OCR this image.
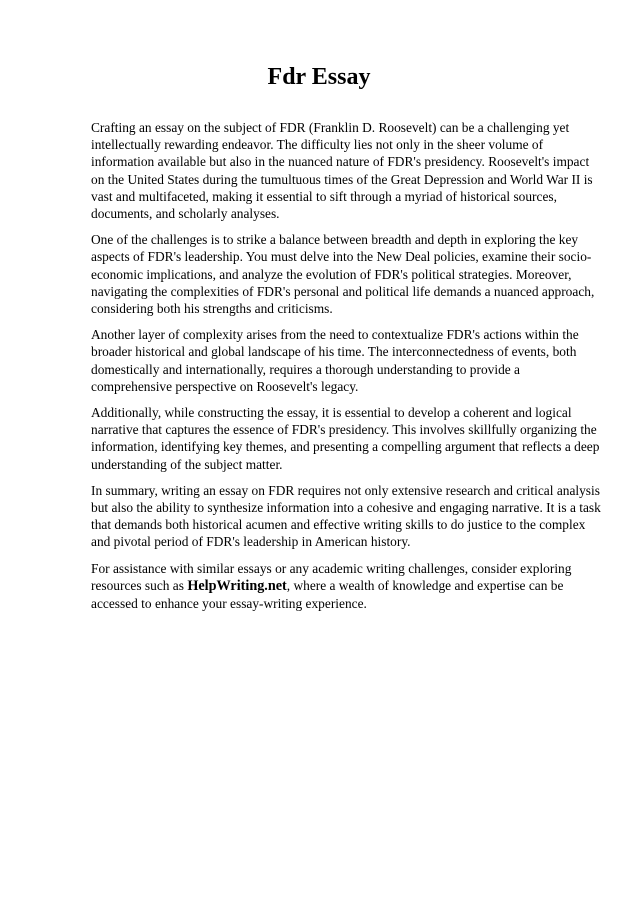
Fdr Essay

Crafting an essay on the subject of FDR (Franklin D. Roosevelt) can be a challenging yet intellectually rewarding endeavor. The difficulty lies not only in the sheer volume of information available but also in the nuanced nature of FDR's presidency. Roosevelt's impact on the United States during the tumultuous times of the Great Depression and World War II is vast and multifaceted, making it essential to sift through a myriad of historical sources, documents, and scholarly analyses.

One of the challenges is to strike a balance between breadth and depth in exploring the key aspects of FDR's leadership. You must delve into the New Deal policies, examine their socio-economic implications, and analyze the evolution of FDR's political strategies. Moreover, navigating the complexities of FDR's personal and political life demands a nuanced approach, considering both his strengths and criticisms.

Another layer of complexity arises from the need to contextualize FDR's actions within the broader historical and global landscape of his time. The interconnectedness of events, both domestically and internationally, requires a thorough understanding to provide a comprehensive perspective on Roosevelt's legacy.

Additionally, while constructing the essay, it is essential to develop a coherent and logical narrative that captures the essence of FDR's presidency. This involves skillfully organizing the information, identifying key themes, and presenting a compelling argument that reflects a deep understanding of the subject matter.

In summary, writing an essay on FDR requires not only extensive research and critical analysis but also the ability to synthesize information into a cohesive and engaging narrative. It is a task that demands both historical acumen and effective writing skills to do justice to the complex and pivotal period of FDR's leadership in American history.

For assistance with similar essays or any academic writing challenges, consider exploring resources such as HelpWriting.net, where a wealth of knowledge and expertise can be accessed to enhance your essay-writing experience.
